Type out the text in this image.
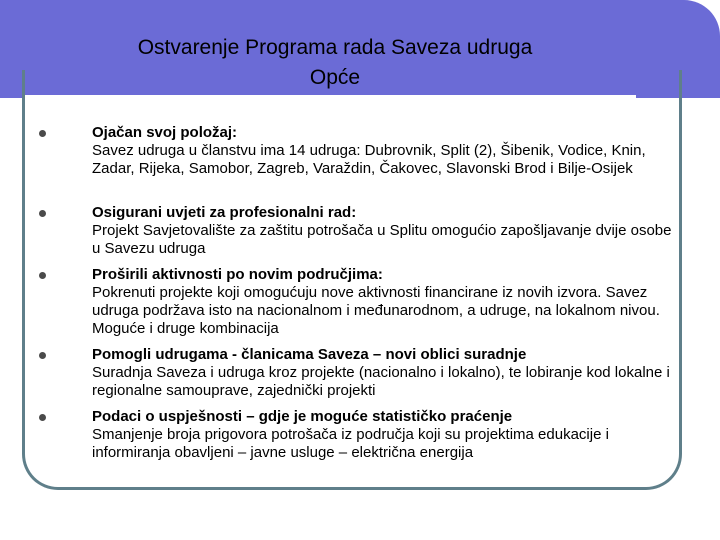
Ostvarenje Programa rada Saveza udruga
Opće
Ojačan svoj položaj:
Savez udruga u članstvu ima 14 udruga: Dubrovnik, Split (2), Šibenik, Vodice, Knin, Zadar, Rijeka, Samobor, Zagreb, Varaždin, Čakovec, Slavonski Brod i Bilje-Osijek
Osigurani uvjeti za profesionalni rad:
Projekt Savjetovalište za zaštitu potrošača u Splitu omogućio zapošljavanje dvije osobe u Savezu udruga
Proširili aktivnosti po novim područjima:
Pokrenuti projekte koji omogućuju nove aktivnosti financirane iz novih izvora. Savez udruga podržava isto na nacionalnom i međunarodnom, a udruge, na lokalnom nivou. Moguće i druge kombinacija
Pomogli udrugama - članicama Saveza – novi oblici suradnje
Suradnja Saveza i udruga kroz projekte (nacionalno i lokalno), te lobiranje kod lokalne i regionalne samouprave, zajednički projekti
Podaci o uspješnosti – gdje je moguće statističko praćenje
Smanjenje broja prigovora potrošača iz područja koji su projektima edukacije i informiranja obavljeni – javne usluge – električna energija
